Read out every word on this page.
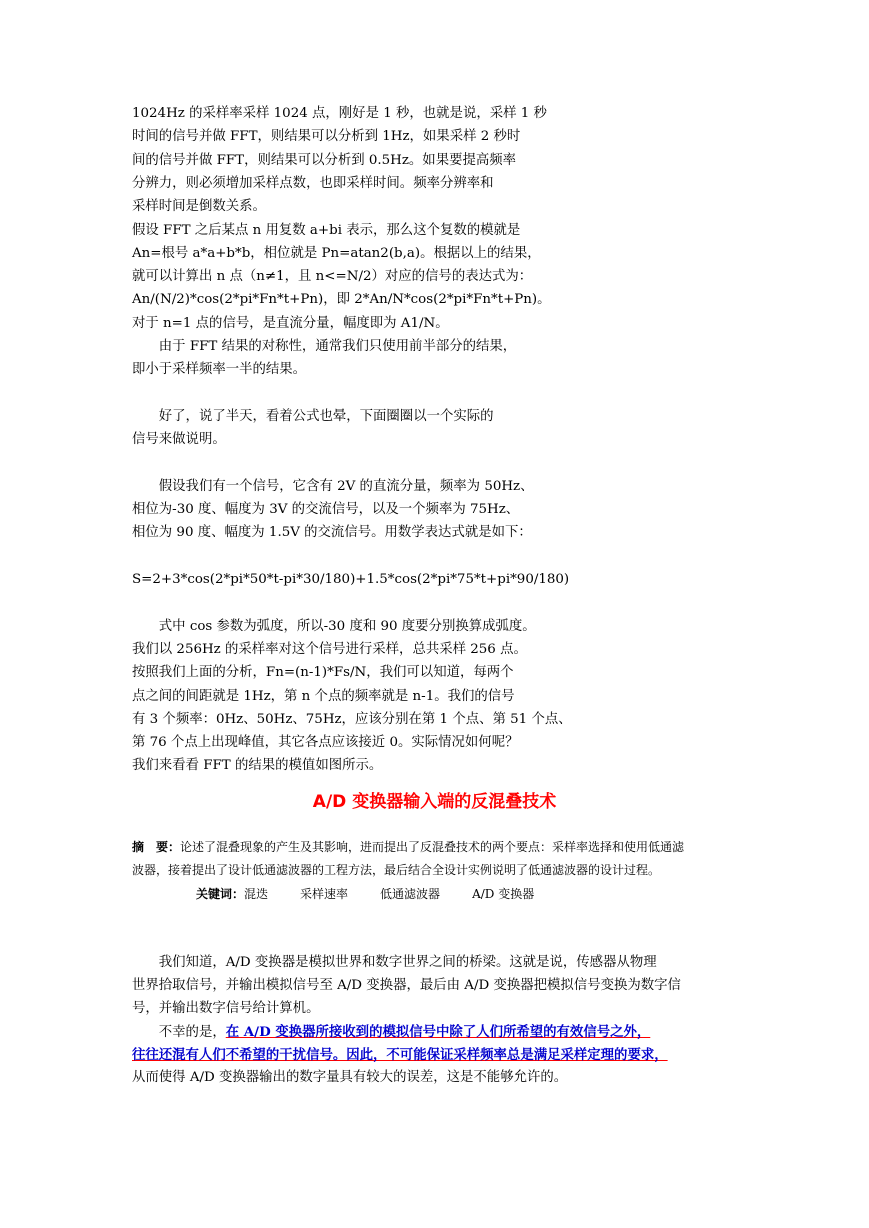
1024Hz 的采样率采样 1024 点，刚好是 1 秒，也就是说，采样 1 秒
时间的信号并做 FFT，则结果可以分析到 1Hz，如果采样 2 秒时
间的信号并做 FFT，则结果可以分析到 0.5Hz。如果要提高频率
分辨力，则必须增加采样点数，也即采样时间。频率分辨率和
采样时间是倒数关系。
假设 FFT 之后某点 n 用复数 a+bi 表示，那么这个复数的模就是
An=根号 a*a+b*b，相位就是 Pn=atan2(b,a)。根据以上的结果，
就可以计算出 n 点（n≠1，且 n<=N/2）对应的信号的表达式为：
An/(N/2)*cos(2*pi*Fn*t+Pn)，即 2*An/N*cos(2*pi*Fn*t+Pn)。
对于 n=1 点的信号，是直流分量，幅度即为 A1/N。
　　由于 FFT 结果的对称性，通常我们只使用前半部分的结果，
即小于采样频率一半的结果。
　　好了，说了半天，看着公式也晕，下面圈圈以一个实际的
信号来做说明。
　　假设我们有一个信号，它含有 2V 的直流分量，频率为 50Hz、
相位为-30 度、幅度为 3V 的交流信号，以及一个频率为 75Hz、
相位为 90 度、幅度为 1.5V 的交流信号。用数学表达式就是如下：
S=2+3*cos(2*pi*50*t-pi*30/180)+1.5*cos(2*pi*75*t+pi*90/180)
　　式中 cos 参数为弧度，所以-30 度和 90 度要分别换算成弧度。
我们以 256Hz 的采样率对这个信号进行采样，总共采样 256 点。
按照我们上面的分析，Fn=(n-1)*Fs/N，我们可以知道，每两个
点之间的间距就是 1Hz，第 n 个点的频率就是 n-1。我们的信号
有 3 个频率：0Hz、50Hz、75Hz，应该分别在第 1 个点、第 51 个点、
第 76 个点上出现峰值，其它各点应该接近 0。实际情况如何呢？
我们来看看 FFT 的结果的模值如图所示。
A/D 变换器输入端的反混叠技术
摘　要：论述了混叠现象的产生及其影响，进而提出了反混叠技术的两个要点：采样率选择和使用低通滤
波器，接着提出了设计低通滤波器的工程方法，最后结合全设计实例说明了低通滤波器的设计过程。
关键词：混迭	采样速率	低通滤波器	A/D 变换器
　　我们知道，A/D 变换器是模拟世界和数字世界之间的桥梁。这就是说，传感器从物理
世界拾取信号，并输出模拟信号至 A/D 变换器，最后由 A/D 变换器把模拟信号变换为数字信
号，并输出数字信号给计算机。
　　不幸的是，在 A/D 变换器所接收到的模拟信号中除了人们所希望的有效信号之外，
往往还混有人们不希望的干扰信号。因此，不可能保证采样频率总是满足采样定理的要求，
从而使得 A/D 变换器输出的数字量具有较大的误差，这是不能够允许的。
